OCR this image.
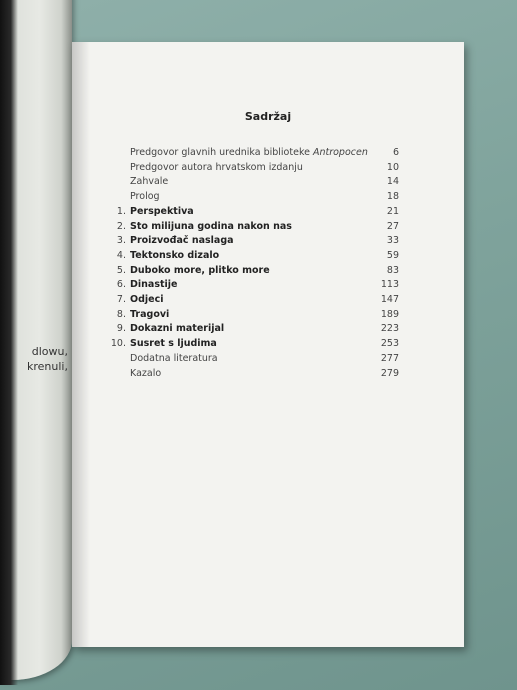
dlowu,
krenuli,
Sadržaj
Predgovor glavnih urednika biblioteke Antropocen	6
Predgovor autora hrvatskom izdanju	10
Zahvale	14
Prolog	18
1. Perspektiva	21
2. Sto milijuna godina nakon nas	27
3. Proizvođač naslaga	33
4. Tektonsko dizalo	59
5. Duboko more, plitko more	83
6. Dinastije	113
7. Odjeci	147
8. Tragovi	189
9. Dokazni materijal	223
10. Susret s ljudima	253
Dodatna literatura	277
Kazalo	279
